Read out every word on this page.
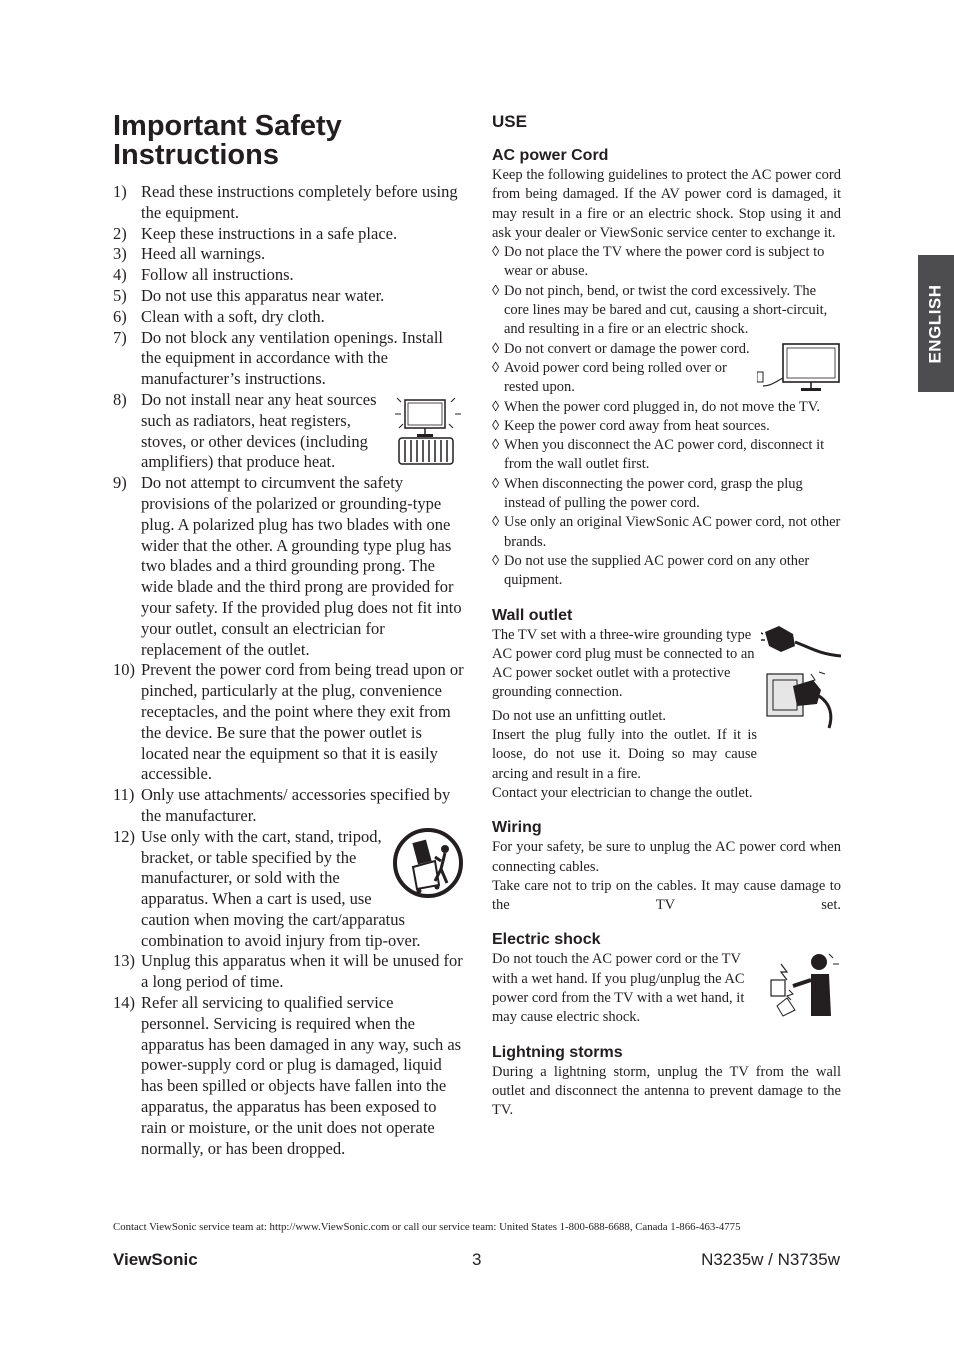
Important Safety
Instructions
1) Read these instructions completely before using the equipment.
2) Keep these instructions in a safe place.
3) Heed all warnings.
4) Follow all instructions.
5) Do not use this apparatus near water.
6) Clean with a soft, dry cloth.
7) Do not block any ventilation openings. Install the equipment in accordance with the manufacturer’s instructions.
8) Do not install near any heat sources such as radiators, heat registers, stoves, or other devices (including amplifiers) that produce heat.
9) Do not attempt to circumvent the safety provisions of the polarized or grounding-type plug. A polarized plug has two blades with one wider that the other. A grounding type plug has two blades and a third grounding prong. The wide blade and the third prong are provided for your safety. If the provided plug does not fit into your outlet, consult an electrician for replacement of the outlet.
10) Prevent the power cord from being tread upon or pinched, particularly at the plug, convenience receptacles, and the point where they exit from the device. Be sure that the power outlet is located near the equipment so that it is easily accessible.
11) Only use attachments/ accessories specified by the manufacturer.
12) Use only with the cart, stand, tripod, bracket, or table specified by the manufacturer, or sold with the apparatus. When a cart is used, use caution when moving the cart/apparatus combination to avoid injury from tip-over.
13) Unplug this apparatus when it will be unused for a long period of time.
14) Refer all servicing to qualified service personnel. Servicing is required when the apparatus has been damaged in any way, such as power-supply cord or plug is damaged, liquid has been spilled or objects have fallen into the apparatus, the apparatus has been exposed to rain or moisture, or the unit does not operate normally, or has been dropped.
USE
AC power Cord

Keep the following guidelines to protect the AC power cord from being damaged. If the AV power cord is damaged, it may result in a fire or an electric shock. Stop using it and ask your dealer or ViewSonic service center to exchange it.

◊ Do not place the TV where the power cord is subject to wear or abuse.
◊ Do not pinch, bend, or twist the cord excessively. The core lines may be bared and cut, causing a short-circuit, and resulting in a fire or an electric shock.
◊ Do not convert or damage the power cord.
◊ Avoid power cord being rolled over or rested upon.
◊ When the power cord plugged in, do not move the TV.
◊ Keep the power cord away from heat sources.
◊ When you disconnect the AC power cord, disconnect it from the wall outlet first.
◊ When disconnecting the power cord, grasp the plug instead of pulling the power cord.
◊ Use only an original ViewSonic AC power cord, not other brands.
◊ Do not use the supplied AC power cord on any other quipment.
Wall outlet

The TV set with a three-wire grounding type AC power cord plug must be connected to an AC power socket outlet with a protective grounding connection.

Do not use an unfitting outlet.

Insert the plug fully into the outlet. If it is loose, do not use it. Doing so may cause arcing and result in a fire.

Contact your electrician to change the outlet.

Wiring

For your safety, be sure to unplug the AC power cord when connecting cables.

Take care not to trip on the cables. It may cause damage to the TV set.

Electric shock

Do not touch the AC power cord or the TV with a wet hand. If you plug/unplug the AC power cord from the TV with a wet hand, it may cause electric shock.

Lightning storms

During a lightning storm, unplug the TV from the wall outlet and disconnect the antenna to prevent damage to the TV.

ENGLISH
Contact ViewSonic service team at: http://www.ViewSonic.com or call our service team: United States 1-800-688-6688, Canada 1-866-463-4775
ViewSonic	3	N3235w / N3735w
